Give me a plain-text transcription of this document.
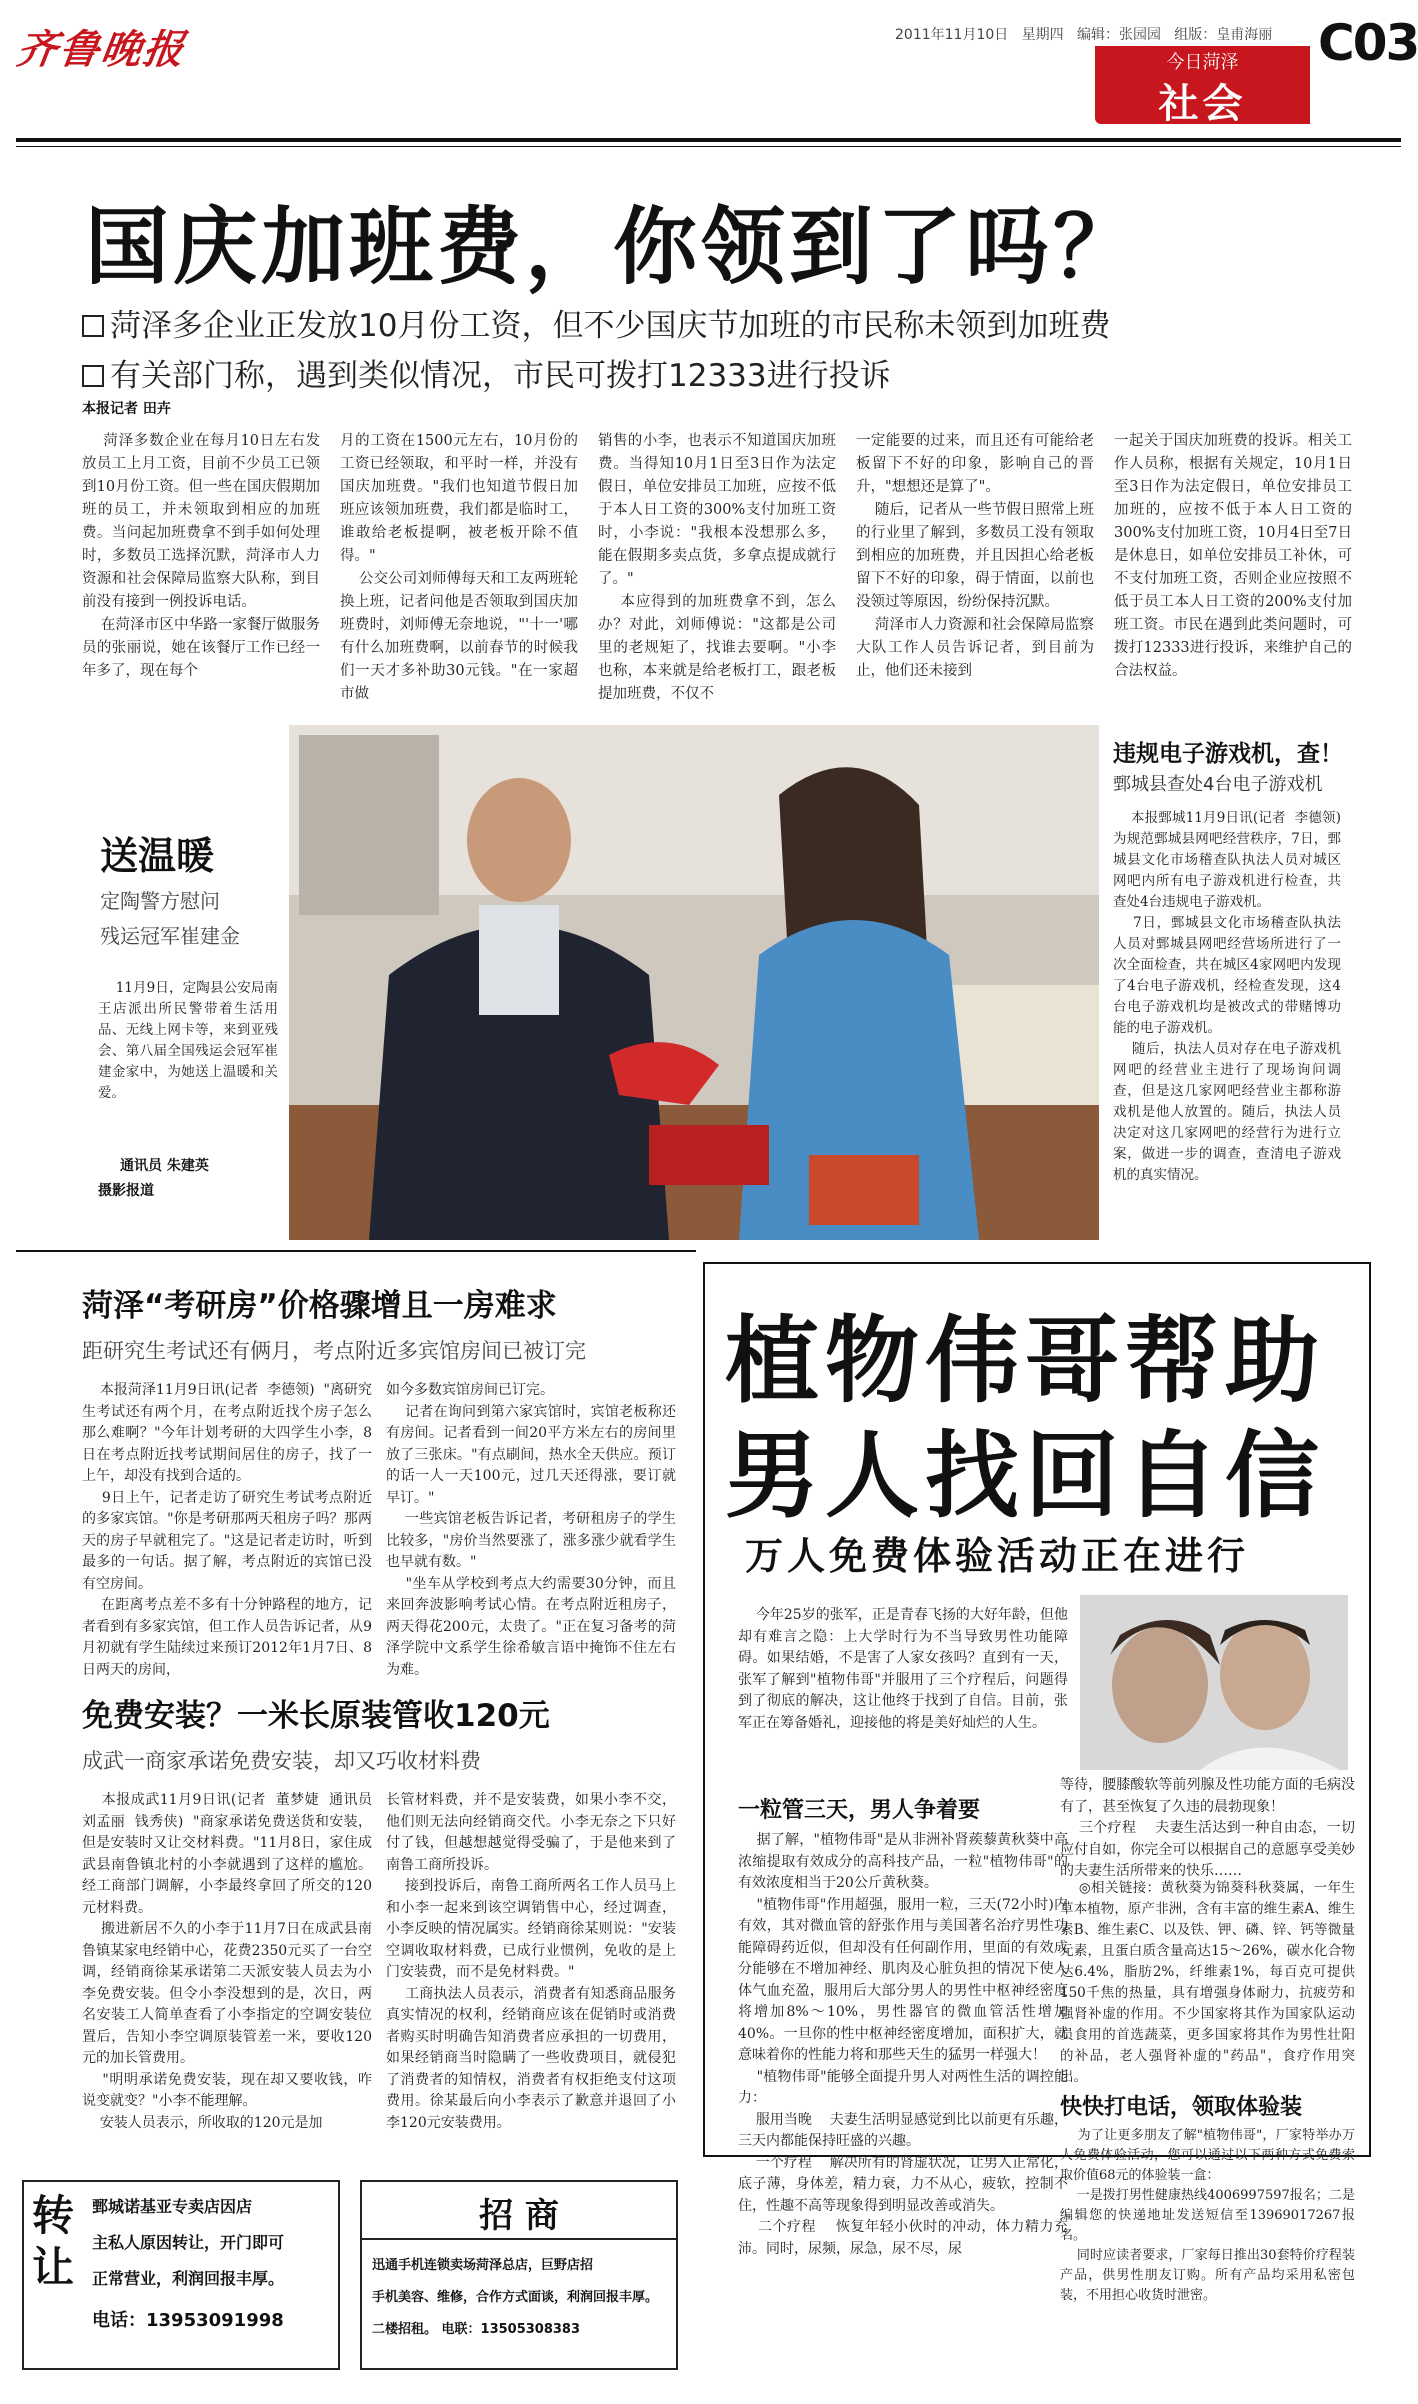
齐鲁晚报	2011年11月10日   星期四   编辑：张园园   组版：皇甫海丽
今日菏泽
社会
C03
国庆加班费，你领到了吗？
菏泽多企业正发放10月份工资，但不少国庆节加班的市民称未领到加班费
有关部门称，遇到类似情况，市民可拨打12333进行投诉
本报记者 田卉
菏泽多数企业在每月10日左右发放员工上月工资，目前不少员工已领到10月份工资。但一些在国庆假期加班的员工，并未领取到相应的加班费。当问起加班费拿不到手如何处理时，多数员工选择沉默，菏泽市人力资源和社会保障局监察大队称，到目前没有接到一例投诉电话。
在菏泽市区中华路一家餐厅做服务员的张丽说，她在该餐厅工作已经一年多了，现在每个
月的工资在1500元左右，10月份的工资已经领取，和平时一样，并没有国庆加班费。"我们也知道节假日加班应该领加班费，我们都是临时工，谁敢给老板提啊，被老板开除不值得。"
公交公司刘师傅每天和工友两班轮换上班，记者问他是否领取到国庆加班费时，刘师傅无奈地说，"'十一'哪有什么加班费啊，以前春节的时候我们一天才多补助30元钱。"在一家超市做
销售的小李，也表示不知道国庆加班费。当得知10月1日至3日作为法定假日，单位安排员工加班，应按不低于本人日工资的300%支付加班工资时，小李说："我根本没想那么多，能在假期多卖点货，多拿点提成就行了。"
本应得到的加班费拿不到，怎么办？对此，刘师傅说："这都是公司里的老规矩了，找谁去要啊。"小李也称，本来就是给老板打工，跟老板提加班费，不仅不
一定能要的过来，而且还有可能给老板留下不好的印象，影响自己的晋升，"想想还是算了"。
随后，记者从一些节假日照常上班的行业里了解到，多数员工没有领取到相应的加班费，并且因担心给老板留下不好的印象，碍于情面，以前也没领过等原因，纷纷保持沉默。
菏泽市人力资源和社会保障局监察大队工作人员告诉记者，到目前为止，他们还未接到
一起关于国庆加班费的投诉。相关工作人员称，根据有关规定，10月1日至3日作为法定假日，单位安排员工加班的，应按不低于本人日工资的300%支付加班工资，10月4日至7日是休息日，如单位安排员工补休，可不支付加班工资，否则企业应按照不低于员工本人日工资的200%支付加班工资。市民在遇到此类问题时，可拨打12333进行投诉，来维护自己的合法权益。
送温暖
定陶警方慰问
残运冠军崔建金
11月9日，定陶县公安局南王店派出所民警带着生活用品、无线上网卡等，来到亚残会、第八届全国残运会冠军崔建金家中，为她送上温暖和关爱。
通讯员 朱建英
摄影报道
违规电子游戏机，查！
鄄城县查处4台电子游戏机
本报鄄城11月9日讯(记者  李德领)  为规范鄄城县网吧经营秩序，7日，鄄城县文化市场稽查队执法人员对城区网吧内所有电子游戏机进行检查，共查处4台违规电子游戏机。
7日，鄄城县文化市场稽查队执法人员对鄄城县网吧经营场所进行了一次全面检查，共在城区4家网吧内发现了4台电子游戏机，经检查发现，这4台电子游戏机均是被改式的带赌博功能的电子游戏机。
随后，执法人员对存在电子游戏机网吧的经营业主进行了现场询问调查，但是这几家网吧经营业主都称游戏机是他人放置的。随后，执法人员决定对这几家网吧的经营行为进行立案，做进一步的调查，查清电子游戏机的真实情况。
菏泽“考研房”价格骤增且一房难求
距研究生考试还有俩月，考点附近多宾馆房间已被订完
本报菏泽11月9日讯(记者  李德领)  "离研究生考试还有两个月，在考点附近找个房子怎么那么难啊？"今年计划考研的大四学生小李，8日在考点附近找考试期间居住的房子，找了一上午，却没有找到合适的。
9日上午，记者走访了研究生考试考点附近的多家宾馆。"你是考研那两天租房子吗？那两天的房子早就租完了。"这是记者走访时，听到最多的一句话。据了解，考点附近的宾馆已没有空房间。
在距离考点差不多有十分钟路程的地方，记者看到有多家宾馆，但工作人员告诉记者，从9月初就有学生陆续过来预订2012年1月7日、8日两天的房间，
如今多数宾馆房间已订完。
记者在询问到第六家宾馆时，宾馆老板称还有房间。记者看到一间20平方米左右的房间里放了三张床。"有点刷间，热水全天供应。预订的话一人一天100元，过几天还得涨，要订就早订。"
一些宾馆老板告诉记者，考研租房子的学生比较多，"房价当然要涨了，涨多涨少就看学生也早就有数。"
"坐车从学校到考点大约需要30分钟，而且来回奔波影响考试心情。在考点附近租房子，两天得花200元，太贵了。"正在复习备考的菏泽学院中文系学生徐希敏言语中掩饰不住左右为难。
免费安装？一米长原装管收120元
成武一商家承诺免费安装，却又巧收材料费
本报成武11月9日讯(记者  董梦婕  通讯员  刘孟丽  钱秀侠)  "商家承诺免费送货和安装，但是安装时又让交材料费。"11月8日，家住成武县南鲁镇北村的小李就遇到了这样的尴尬。经工商部门调解，小李最终拿回了所交的120元材料费。
搬进新居不久的小李于11月7日在成武县南鲁镇某家电经销中心，花费2350元买了一台空调，经销商徐某承诺第二天派安装人员去为小李免费安装。但令小李没想到的是，次日，两名安装工人简单查看了小李指定的空调安装位置后，告知小李空调原装管差一米，要收120元的加长管费用。
"明明承诺免费安装，现在却又要收钱，咋说变就变？"小李不能理解。
安装人员表示，所收取的120元是加
长管材料费，并不是安装费，如果小李不交，他们则无法向经销商交代。小李无奈之下只好付了钱，但越想越觉得受骗了，于是他来到了南鲁工商所投诉。
接到投诉后，南鲁工商所两名工作人员马上和小李一起来到该空调销售中心，经过调查，小李反映的情况属实。经销商徐某则说："安装空调收取材料费，已成行业惯例，免收的是上门安装费，而不是免材料费。"
工商执法人员表示，消费者有知悉商品服务真实情况的权利，经销商应该在促销时或消费者购买时明确告知消费者应承担的一切费用，如果经销商当时隐瞒了一些收费项目，就侵犯了消费者的知情权，消费者有权拒绝支付这项费用。徐某最后向小李表示了歉意并退回了小李120元安装费用。
植物伟哥帮助
男人找回自信
万人免费体验活动正在进行
今年25岁的张军，正是青春飞扬的大好年龄，但他却有难言之隐：上大学时行为不当导致男性功能障碍。如果结婚，不是害了人家女孩吗？直到有一天，张军了解到"植物伟哥"并服用了三个疗程后，问题得到了彻底的解决，这让他终于找到了自信。目前，张军正在筹备婚礼，迎接他的将是美好灿烂的人生。
一粒管三天，男人争着要
据了解，"植物伟哥"是从非洲补肾蒺藜黄秋葵中高浓缩提取有效成分的高科技产品，一粒"植物伟哥"的有效浓度相当于20公斤黄秋葵。
"植物伟哥"作用超强，服用一粒，三天(72小时)内有效，其对微血管的舒张作用与美国著名治疗男性功能障碍药近似，但却没有任何副作用，里面的有效成分能够在不增加神经、肌肉及心脏负担的情况下使人体气血充盈，服用后大部分男人的男性中枢神经密度将增加8%～10%，男性器官的微血管活性增加40%。一旦你的性中枢神经密度增加，面积扩大，就意味着你的性能力将和那些天生的猛男一样强大！
"植物伟哥"能够全面提升男人对两性生活的调控能力：
服用当晚    夫妻生活明显感觉到比以前更有乐趣，三天内都能保持旺盛的兴趣。
一个疗程    解决所有的肾虚状况，让男人正常化，底子薄，身体差，精力衰，力不从心，疲软，控制不住，性趣不高等现象得到明显改善或消失。
二个疗程    恢复年轻小伙时的冲动，体力精力充沛。同时，尿频，尿急，尿不尽，尿
等待，腰膝酸软等前列腺及性功能方面的毛病没有了，甚至恢复了久违的晨勃现象！
三个疗程    夫妻生活达到一种自由态，一切应付自如，你完全可以根据自己的意愿享受美妙的夫妻生活所带来的快乐……
◎相关链接：黄秋葵为锦葵科秋葵属，一年生草本植物，原产非洲，含有丰富的维生素A、维生素B、维生素C、以及铁、钾、磷、锌、钙等微量元素，且蛋白质含量高达15～26%，碳水化合物达6.4%，脂肪2%，纤维素1%，每百克可提供150千焦的热量，具有增强身体耐力，抗疲劳和强肾补虚的作用。不少国家将其作为国家队运动员食用的首选蔬菜，更多国家将其作为男性壮阳的补品，老人强肾补虚的"药品"，食疗作用突出。
快快打电话，领取体验装
为了让更多朋友了解"植物伟哥"，厂家特举办万人免费体验活动，您可以通过以下两种方式免费索取价值68元的体验装一盒：
一是拨打男性健康热线4006997597报名；二是编辑您的快递地址发送短信至13969017267报名。
同时应读者要求，厂家每日推出30套特价疗程装产品，供男性朋友订购。所有产品均采用私密包装，不用担心收货时泄密。
转让
鄄城诺基亚专卖店因店
主私人原因转让，开门即可
正常营业，利润回报丰厚。
电话：13953091998
招 商
迅通手机连锁卖场菏泽总店，巨野店招
手机美容、维修，合作方式面谈，利润回报丰厚。
二楼招租。 电联：13505308383
